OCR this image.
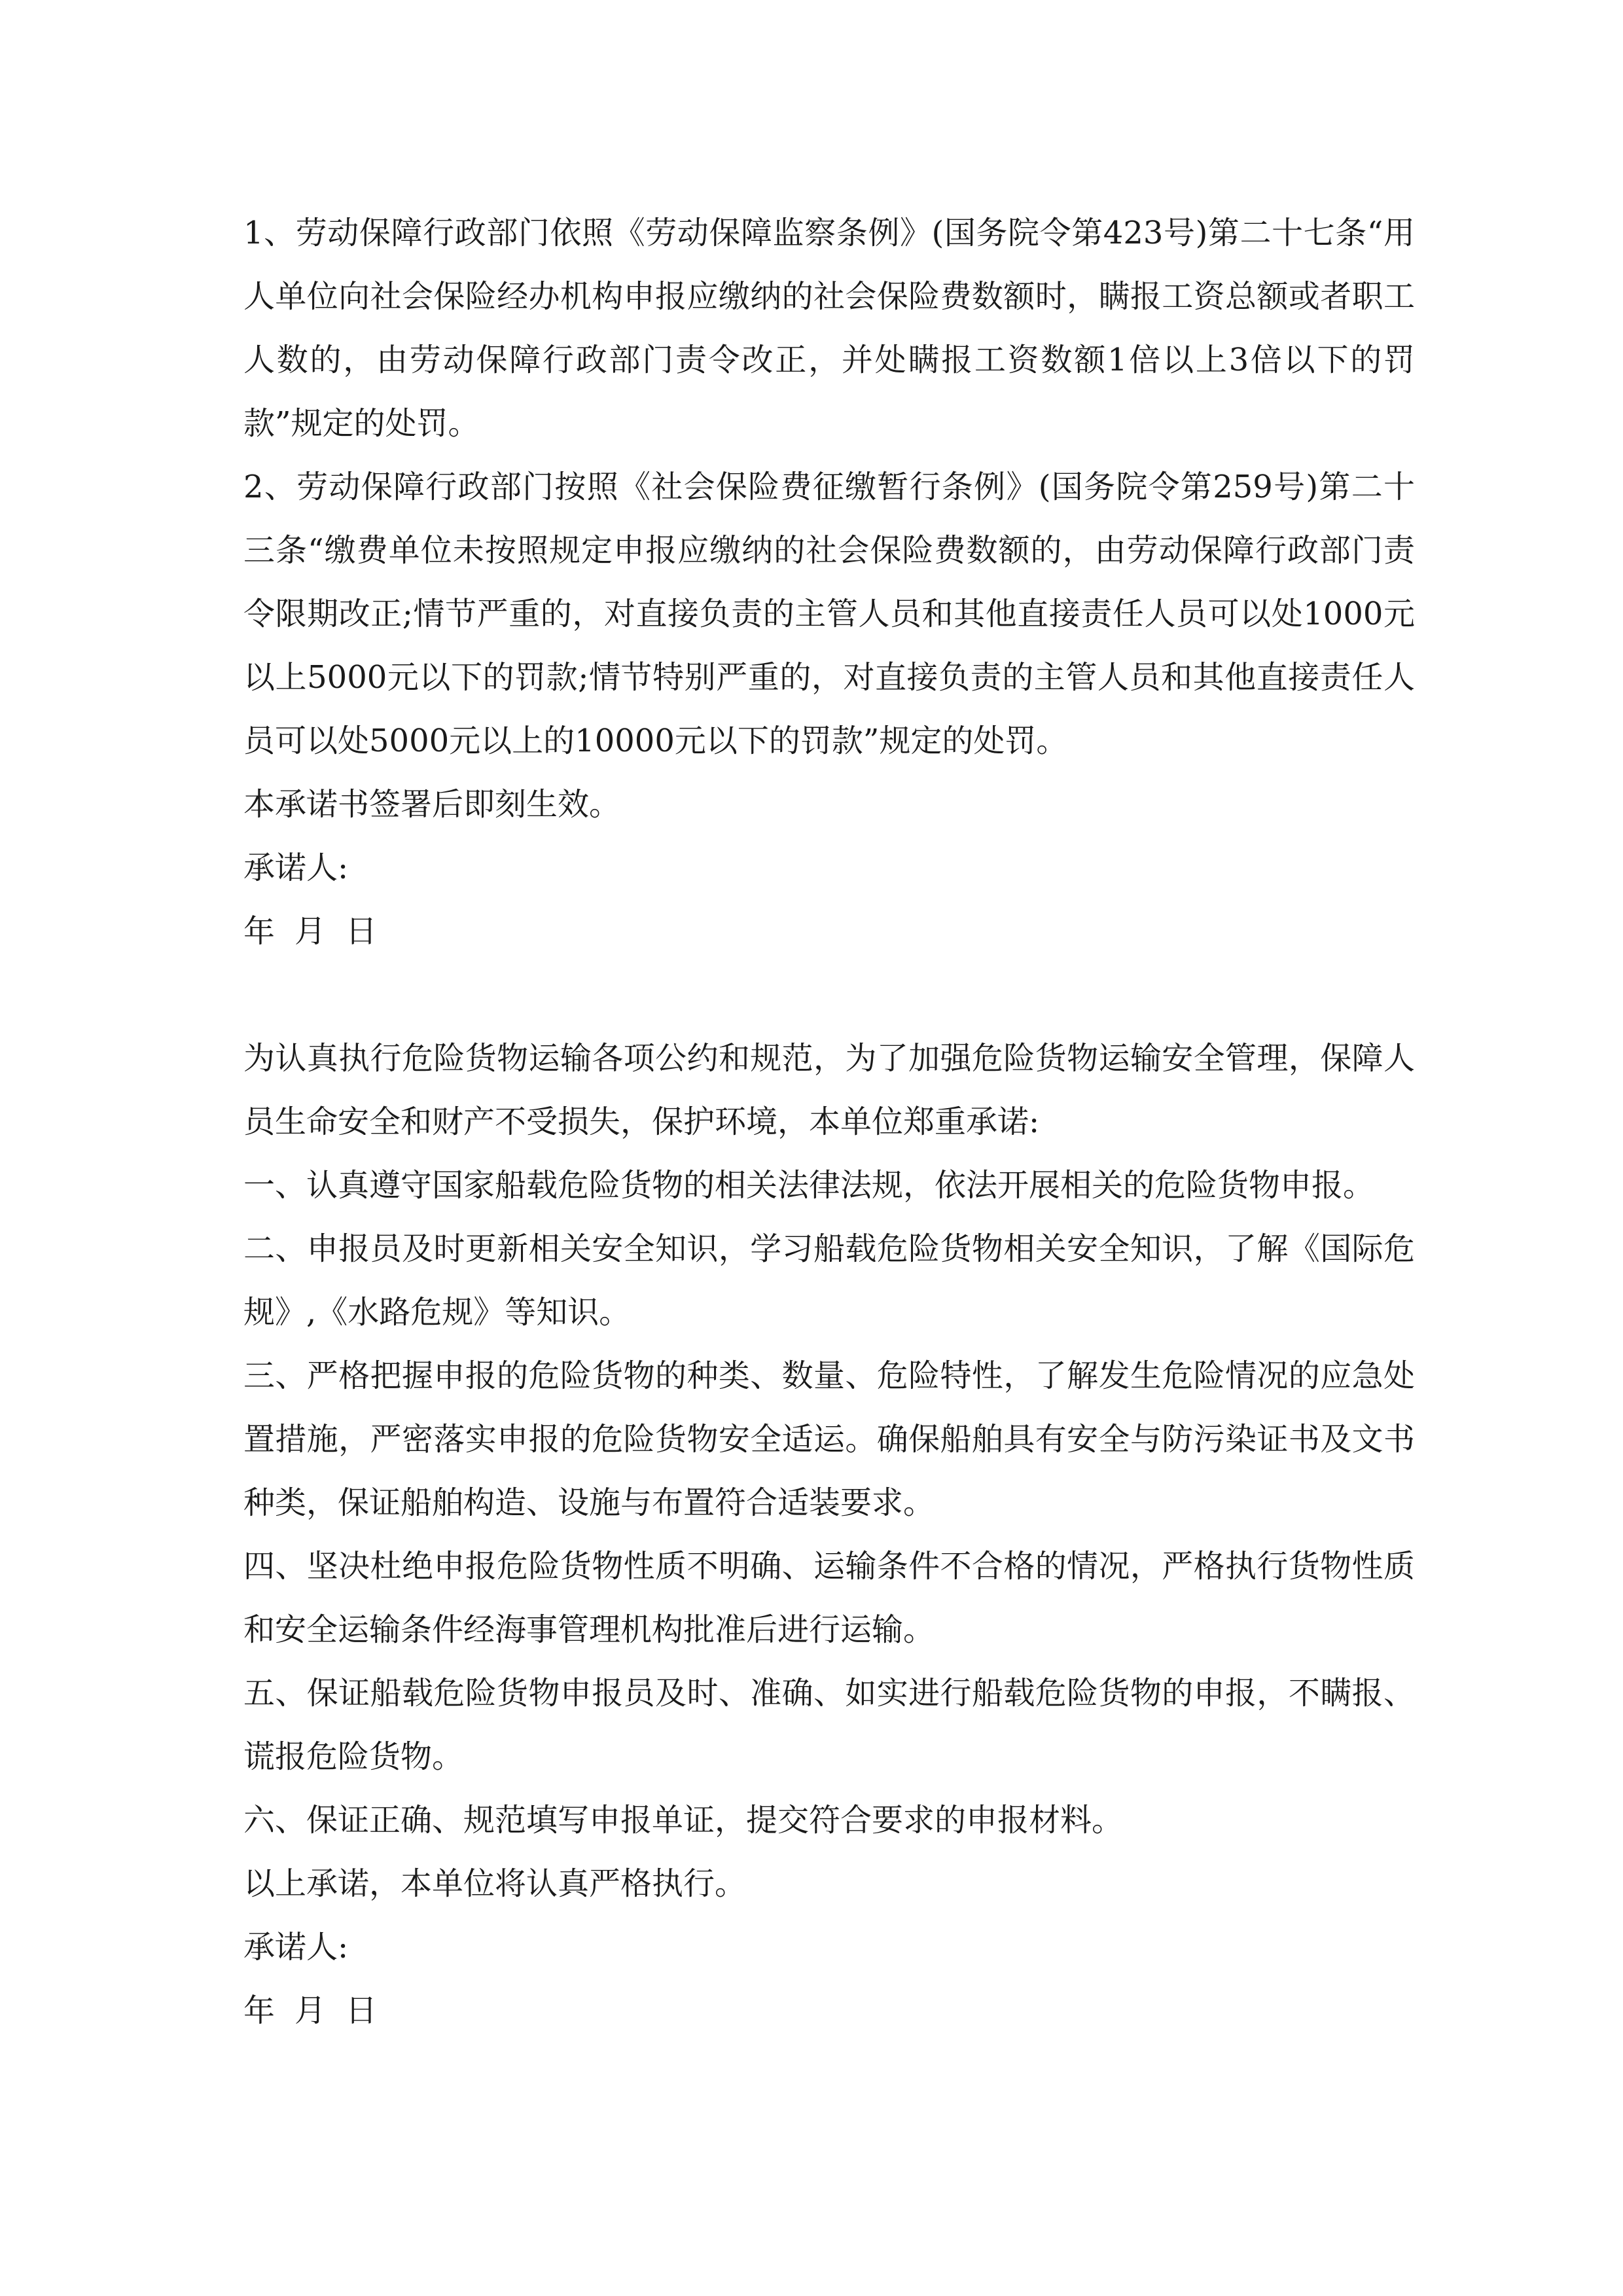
1、劳动保障行政部门依照《劳动保障监察条例》(国务院令第423号)第二十七条“用人单位向社会保险经办机构申报应缴纳的社会保险费数额时，瞒报工资总额或者职工人数的，由劳动保障行政部门责令改正，并处瞒报工资数额1倍以上3倍以下的罚款”规定的处罚。

2、劳动保障行政部门按照《社会保险费征缴暂行条例》(国务院令第259号)第二十三条“缴费单位未按照规定申报应缴纳的社会保险费数额的，由劳动保障行政部门责令限期改正;情节严重的，对直接负责的主管人员和其他直接责任人员可以处1000元以上5000元以下的罚款;情节特别严重的，对直接负责的主管人员和其他直接责任人员可以处5000元以上的10000元以下的罚款”规定的处罚。

本承诺书签署后即刻生效。

承诺人:

年 月 日

为认真执行危险货物运输各项公约和规范，为了加强危险货物运输安全管理，保障人员生命安全和财产不受损失，保护环境，本单位郑重承诺:

一、认真遵守国家船载危险货物的相关法律法规，依法开展相关的危险货物申报。

二、申报员及时更新相关安全知识，学习船载危险货物相关安全知识，了解《国际危规》,《水路危规》等知识。

三、严格把握申报的危险货物的种类、数量、危险特性，了解发生危险情况的应急处置措施，严密落实申报的危险货物安全适运。确保船舶具有安全与防污染证书及文书种类，保证船舶构造、设施与布置符合适装要求。

四、坚决杜绝申报危险货物性质不明确、运输条件不合格的情况，严格执行货物性质和安全运输条件经海事管理机构批准后进行运输。

五、保证船载危险货物申报员及时、准确、如实进行船载危险货物的申报，不瞒报、谎报危险货物。

六、保证正确、规范填写申报单证，提交符合要求的申报材料。

以上承诺，本单位将认真严格执行。

承诺人:

年 月 日
